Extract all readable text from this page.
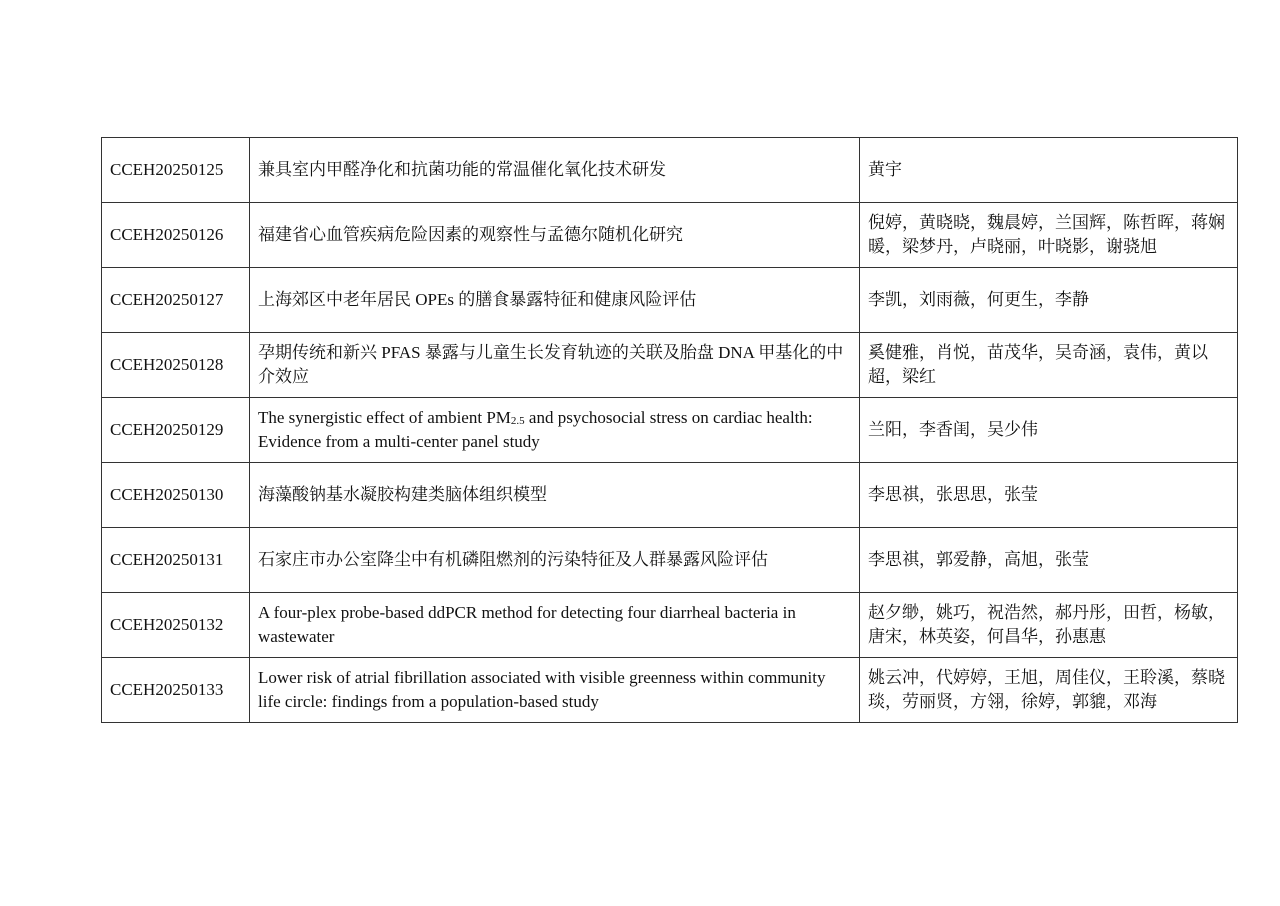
CCEH20250125	兼具室内甲醛净化和抗菌功能的常温催化氧化技术研发	黄宇
CCEH20250126	福建省心血管疾病危险因素的观察性与孟德尔随机化研究	倪婷，黄晓晓，魏晨婷，兰国辉，陈哲晖，蒋娴暖，梁梦丹，卢晓丽，叶晓影，谢骁旭
CCEH20250127	上海郊区中老年居民 OPEs 的膳食暴露特征和健康风险评估	李凯，刘雨薇，何更生，李静
CCEH20250128	孕期传统和新兴 PFAS 暴露与儿童生长发育轨迹的关联及胎盘 DNA 甲基化的中介效应	奚健雅，肖悦，苗茂华，吴奇涵，袁伟，黄以超，梁红
CCEH20250129	The synergistic effect of ambient $PM_{2.5}$ and psychosocial stress on cardiac health: Evidence from a multi-center panel study	兰阳，李香闺，吴少伟
CCEH20250130	海藻酸钠基水凝胶构建类脑体组织模型	李思祺，张思思，张莹
CCEH20250131	石家庄市办公室降尘中有机磷阻燃剂的污染特征及人群暴露风险评估	李思祺，郭爱静，高旭，张莹
CCEH20250132	A four-plex probe-based ddPCR method for detecting four diarrheal bacteria in wastewater	赵夕缈，姚巧，祝浩然，郝丹彤，田哲，杨敏，唐宋，林英姿，何昌华，孙惠惠
CCEH20250133	Lower risk of atrial fibrillation associated with visible greenness within community life circle: findings from a population-based study	姚云冲，代婷婷，王旭，周佳仪，王聆溪，蔡晓琰，劳丽贤，方翎，徐婷，郭貔，邓海
